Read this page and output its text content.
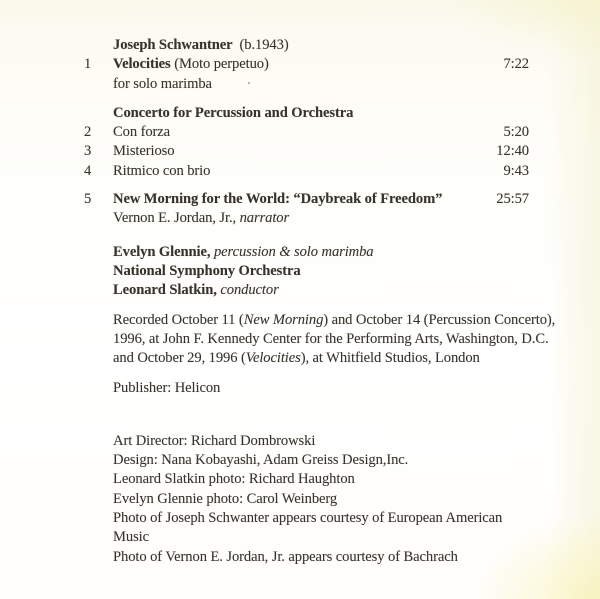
Joseph Schwantner (b.1943)
1	Velocities (Moto perpetuo)	7:22
for solo marimba
Concerto for Percussion and Orchestra
2	Con forza	5:20
3	Misterioso	12:40
4	Ritmico con brio	9:43
5	New Morning for the World: “Daybreak of Freedom”	25:57
Vernon E. Jordan, Jr., narrator
Evelyn Glennie, percussion & solo marimba
National Symphony Orchestra
Leonard Slatkin, conductor
Recorded October 11 (New Morning) and October 14 (Percussion Concerto),
1996, at John F. Kennedy Center for the Performing Arts, Washington, D.C.
and October 29, 1996 (Velocities), at Whitfield Studios, London
Publisher: Helicon
Art Director: Richard Dombrowski
Design: Nana Kobayashi, Adam Greiss Design,Inc.
Leonard Slatkin photo: Richard Haughton
Evelyn Glennie photo: Carol Weinberg
Photo of Joseph Schwanter appears courtesy of European American Music
Photo of Vernon E. Jordan, Jr. appears courtesy of Bachrach
